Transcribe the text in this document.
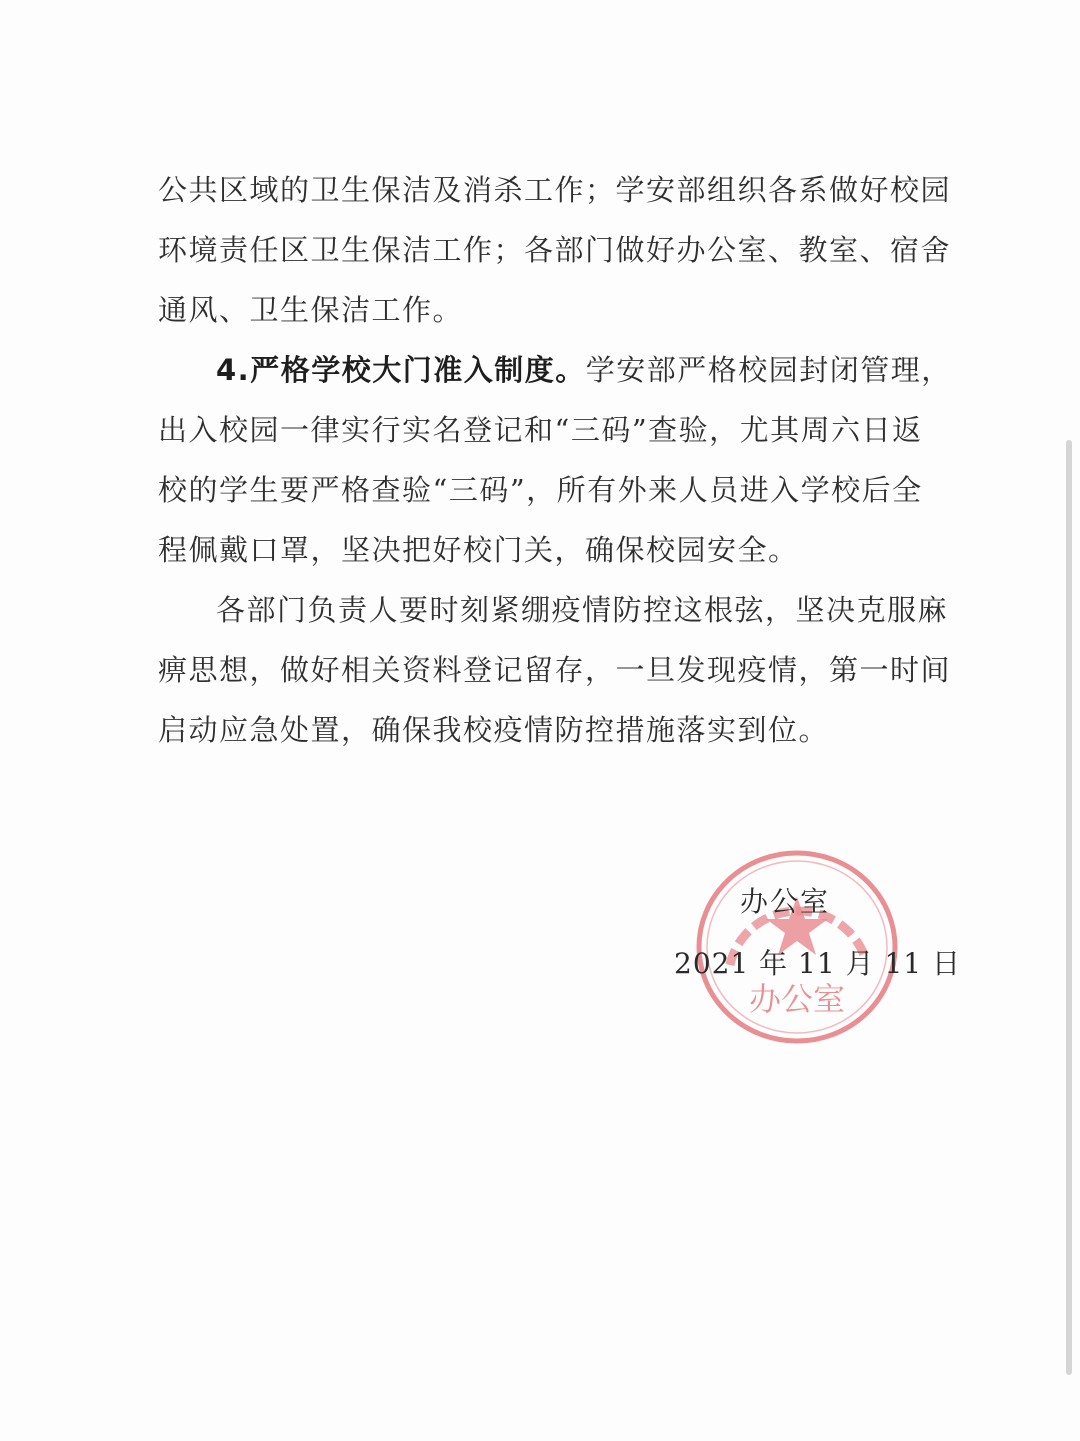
公共区域的卫生保洁及消杀工作；学安部组织各系做好校园
环境责任区卫生保洁工作；各部门做好办公室、教室、宿舍
通风、卫生保洁工作。
4.严格学校大门准入制度。学安部严格校园封闭管理，
出入校园一律实行实名登记和“三码”查验，尤其周六日返
校的学生要严格查验“三码”，所有外来人员进入学校后全
程佩戴口罩，坚决把好校门关，确保校园安全。
各部门负责人要时刻紧绷疫情防控这根弦，坚决克服麻
痹思想，做好相关资料登记留存，一旦发现疫情，第一时间
启动应急处置，确保我校疫情防控措施落实到位。
办公室
办公室
2021 年 11 月 11 日
